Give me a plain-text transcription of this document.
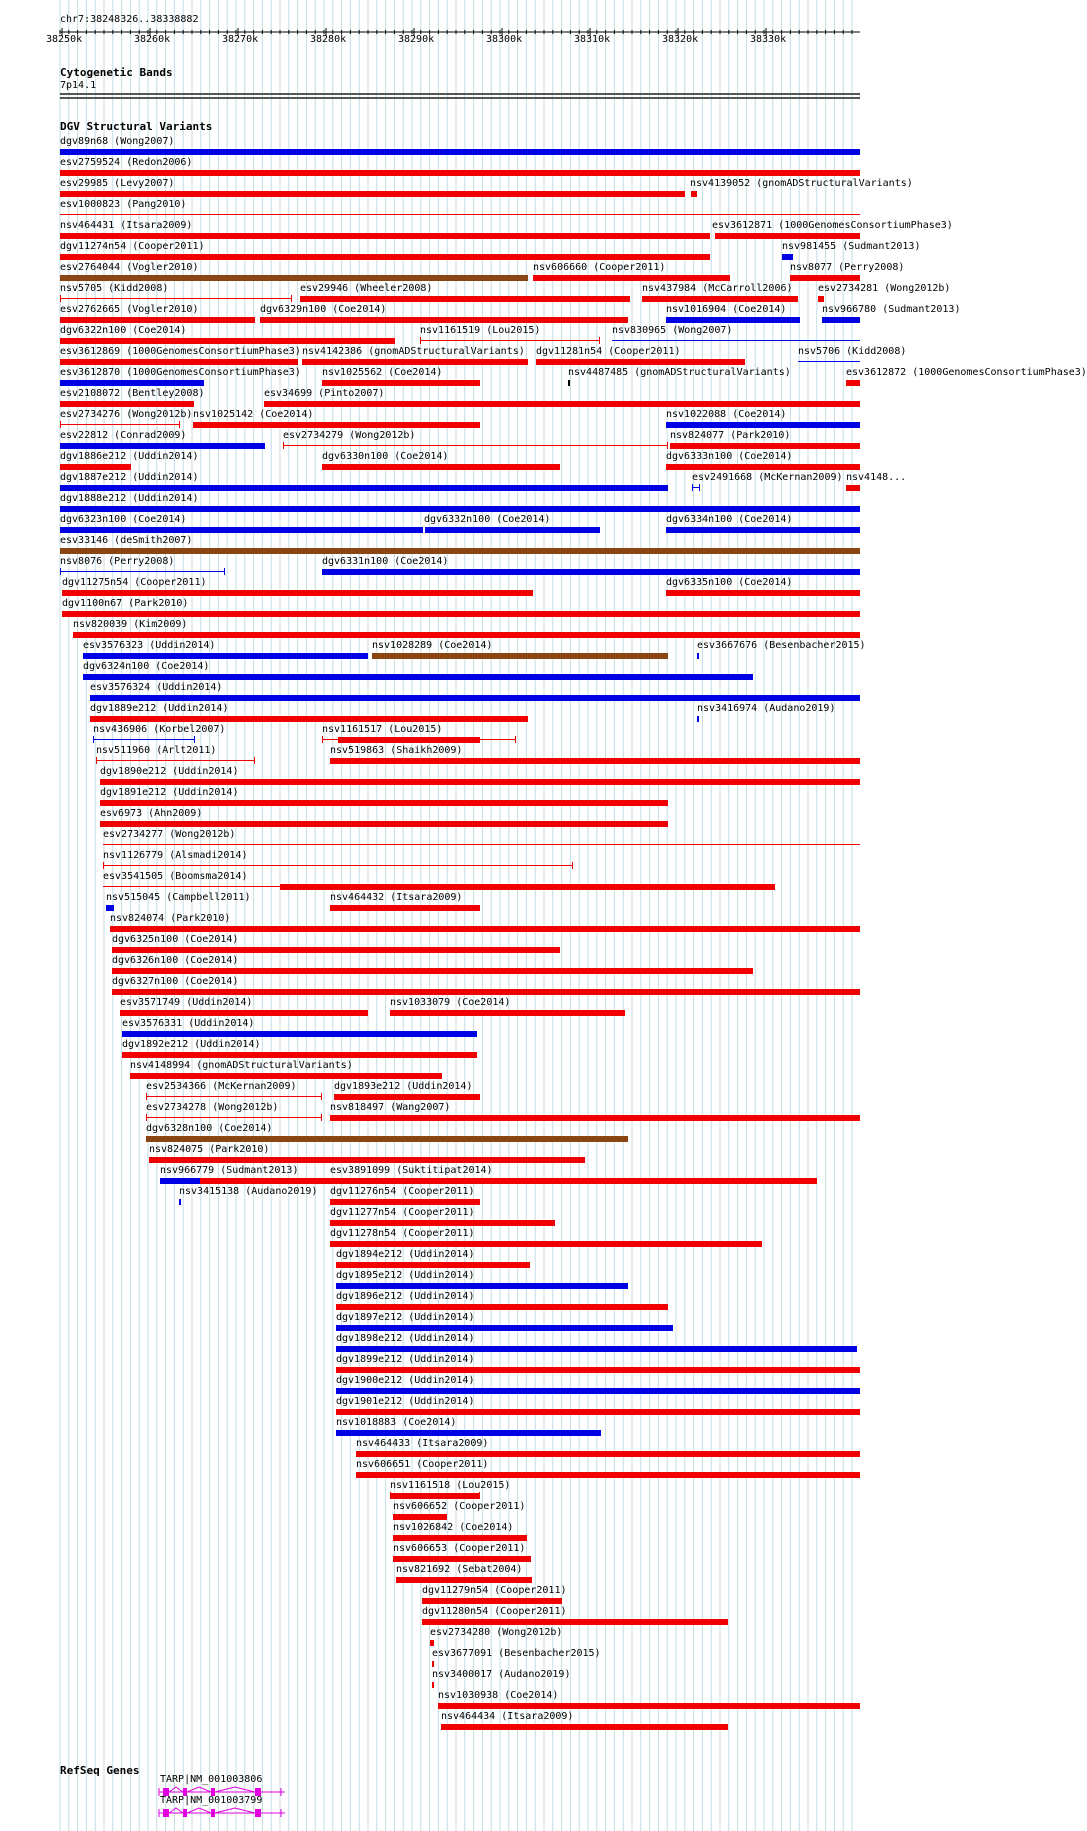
chr7:38248326..38338882
38250k	38260k	38270k	38280k	38290k	38300k	38310k	38320k	38330k
Cytogenetic Bands
7p14.1
DGV Structural Variants
dgv89n68 (Wong2007)
esv2759524 (Redon2006)
esv29985 (Levy2007)	nsv4139052 (gnomADStructuralVariants)
esv1000823 (Pang2010)
nsv464431 (Itsara2009)	esv3612871 (1000GenomesConsortiumPhase3)
dgv11274n54 (Cooper2011)	nsv981455 (Sudmant2013)
esv2764044 (Vogler2010)	nsv606660 (Cooper2011)	nsv8077 (Perry2008)
nsv5705 (Kidd2008)	esv29946 (Wheeler2008)	nsv437984 (McCarroll2006)	esv2734281 (Wong2012b)
esv2762665 (Vogler2010)	dgv6329n100 (Coe2014)	nsv1016904 (Coe2014)	nsv966780 (Sudmant2013)
dgv6322n100 (Coe2014)	nsv1161519 (Lou2015)	nsv830965 (Wong2007)
esv3612869 (1000GenomesConsortiumPhase3) nsv4142386 (gnomADStructuralVariants) dgv11281n54 (Cooper2011)	nsv5706 (Kidd2008)
esv3612870 (1000GenomesConsortiumPhase3) nsv1025562 (Coe2014)	nsv4487485 (gnomADStructuralVariants)	esv3612872 (1000GenomesConsortiumPhase3)
esv2108072 (Bentley2008)	esv34699 (Pinto2007)
esv2734276 (Wong2012b) nsv1025142 (Coe2014)	nsv1022088 (Coe2014)
esv22812 (Conrad2009)	esv2734279 (Wong2012b)	nsv824077 (Park2010)
dgv1886e212 (Uddin2014)	dgv6330n100 (Coe2014)	dgv6333n100 (Coe2014)
dgv1887e212 (Uddin2014)	esv2491668 (McKernan2009) nsv4148...
dgv1888e212 (Uddin2014)
dgv6323n100 (Coe2014)	dgv6332n100 (Coe2014)	dgv6334n100 (Coe2014)
esv33146 (deSmith2007)
nsv8076 (Perry2008)	dgv6331n100 (Coe2014)
dgv11275n54 (Cooper2011)	dgv6335n100 (Coe2014)
dgv1100n67 (Park2010)
nsv820039 (Kim2009)
esv3576323 (Uddin2014)	nsv1028289 (Coe2014)	esv3667676 (Besenbacher2015)
dgv6324n100 (Coe2014)
esv3576324 (Uddin2014)
dgv1889e212 (Uddin2014)	nsv3416974 (Audano2019)
nsv436906 (Korbel2007)	nsv1161517 (Lou2015)
nsv511960 (Arlt2011)	nsv519863 (Shaikh2009)
dgv1890e212 (Uddin2014)
dgv1891e212 (Uddin2014)
esv6973 (Ahn2009)
esv2734277 (Wong2012b)
nsv1126779 (Alsmadi2014)
esv3541505 (Boomsma2014)
nsv515045 (Campbell2011)	nsv464432 (Itsara2009)
nsv824074 (Park2010)
dgv6325n100 (Coe2014)
dgv6326n100 (Coe2014)
dgv6327n100 (Coe2014)
esv3571749 (Uddin2014)	nsv1033079 (Coe2014)
esv3576331 (Uddin2014)
dgv1892e212 (Uddin2014)
nsv4148994 (gnomADStructuralVariants)
esv2534366 (McKernan2009)	dgv1893e212 (Uddin2014)
esv2734278 (Wong2012b)	nsv818497 (Wang2007)
dgv6328n100 (Coe2014)
nsv824075 (Park2010)
nsv966779 (Sudmant2013)	esv3891099 (Suktitipat2014)
nsv3415138 (Audano2019) dgv11276n54 (Cooper2011)
dgv11277n54 (Cooper2011)
dgv11278n54 (Cooper2011)
dgv1894e212 (Uddin2014)
dgv1895e212 (Uddin2014)
dgv1896e212 (Uddin2014)
dgv1897e212 (Uddin2014)
dgv1898e212 (Uddin2014)
dgv1899e212 (Uddin2014)
dgv1900e212 (Uddin2014)
dgv1901e212 (Uddin2014)
nsv1018883 (Coe2014)
nsv464433 (Itsara2009)
nsv606651 (Cooper2011)
nsv1161518 (Lou2015)
nsv606652 (Cooper2011)
nsv1026842 (Coe2014)
nsv606653 (Cooper2011)
nsv821692 (Sebat2004)
dgv11279n54 (Cooper2011)
dgv11280n54 (Cooper2011)
esv2734280 (Wong2012b)
esv3677091 (Besenbacher2015)
nsv3400017 (Audano2019)
nsv1030938 (Coe2014)
nsv464434 (Itsara2009)
RefSeq Genes
TARP|NM_001003806
TARP|NM_001003799
